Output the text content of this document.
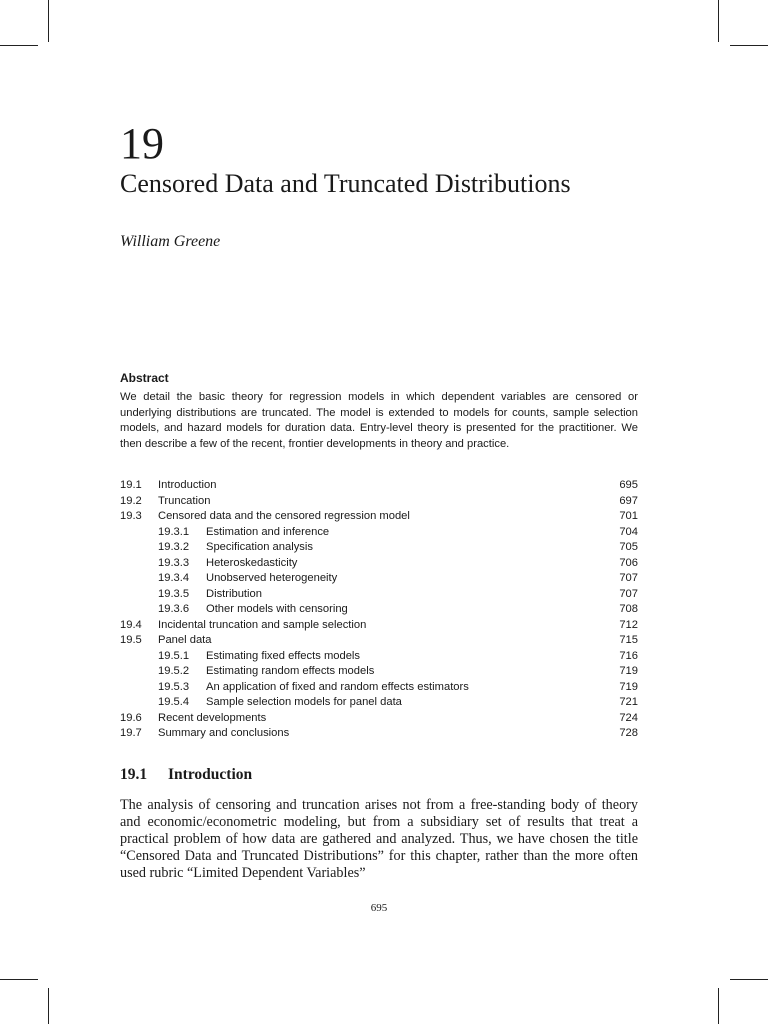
19
Censored Data and Truncated Distributions
William Greene
Abstract

We detail the basic theory for regression models in which dependent variables are censored or underlying distributions are truncated. The model is extended to models for counts, sample selection models, and hazard models for duration data. Entry-level theory is presented for the practitioner. We then describe a few of the recent, frontier developments in theory and practice.

19.1 Introduction	695
19.2 Truncation	697
19.3 Censored data and the censored regression model	701
19.3.1 Estimation and inference	704
19.3.2 Specification analysis	705
19.3.3 Heteroskedasticity	706
19.3.4 Unobserved heterogeneity	707
19.3.5 Distribution	707
19.3.6 Other models with censoring	708
19.4 Incidental truncation and sample selection	712
19.5 Panel data	715
19.5.1 Estimating fixed effects models	716
19.5.2 Estimating random effects models	719
19.5.3 An application of fixed and random effects estimators	719
19.5.4 Sample selection models for panel data	721
19.6 Recent developments	724
19.7 Summary and conclusions	728
19.1 Introduction

The analysis of censoring and truncation arises not from a free-standing body of theory and economic/econometric modeling, but from a subsidiary set of results that treat a practical problem of how data are gathered and analyzed. Thus, we have chosen the title “Censored Data and Truncated Distributions” for this chapter, rather than the more often used rubric “Limited Dependent Variables”

695
